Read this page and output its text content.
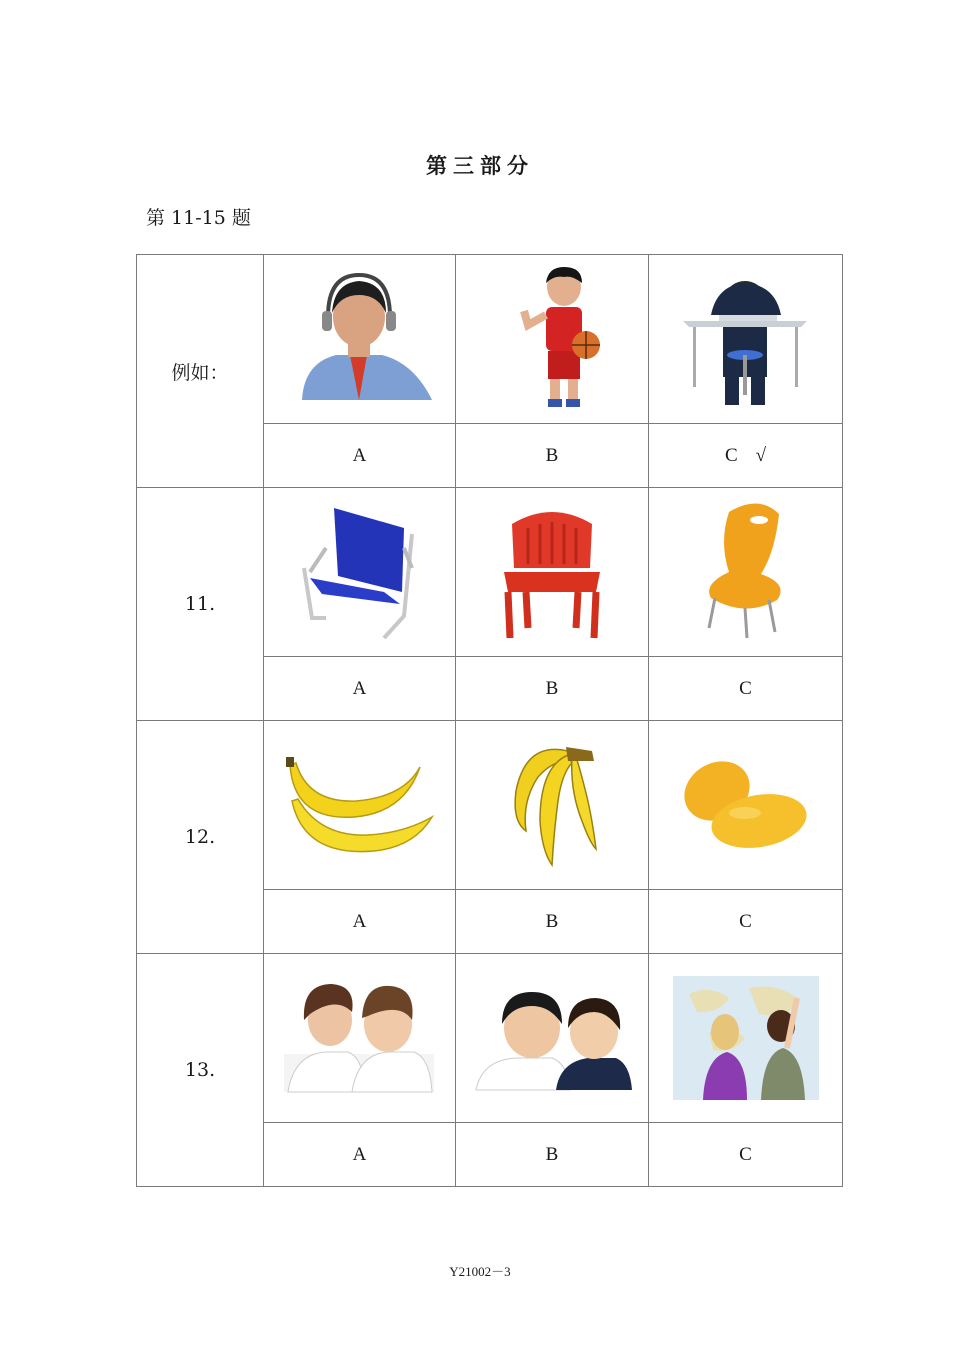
第三部分
第 11-15 题
例如：	

	A	B	C √
11.	

	A	B	C
12.	

	A	B	C
13.	

	A	B	C
Y21002－3
